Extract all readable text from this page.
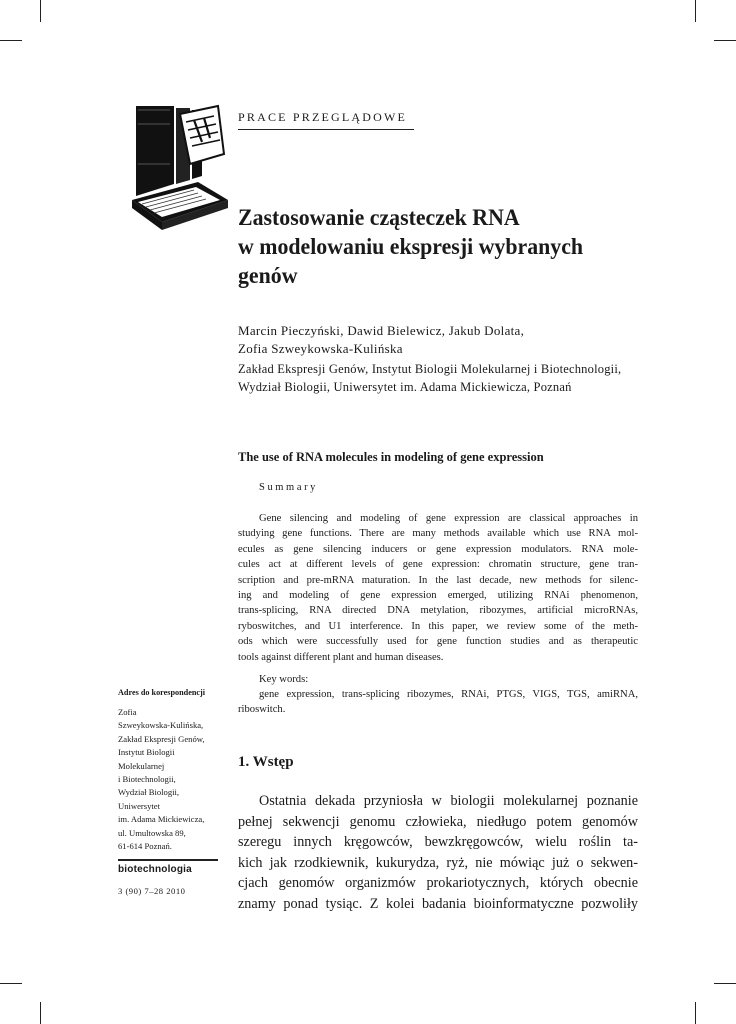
PRACE PRZEGLĄDOWE
Zastosowanie cząsteczek RNA
w modelowaniu ekspresji wybranych
genów
Marcin Pieczyński, Dawid Bielewicz, Jakub Dolata,
Zofia Szweykowska-Kulińska
Zakład Ekspresji Genów, Instytut Biologii Molekularnej i Biotechnologii,
Wydział Biologii, Uniwersytet im. Adama Mickiewicza, Poznań
The use of RNA molecules in modeling of gene expression
Summary
Gene silencing and modeling of gene expression are classical approaches in
studying gene functions. There are many methods available which use RNA mol-
ecules as gene silencing inducers or gene expression modulators. RNA mole-
cules act at different levels of gene expression: chromatin structure, gene tran-
scription and pre-mRNA maturation. In the last decade, new methods for silenc-
ing and modeling of gene expression emerged, utilizing RNAi phenomenon,
trans-splicing, RNA directed DNA metylation, ribozymes, artificial microRNAs,
ryboswitches, and U1 interference. In this paper, we review some of the meth-
ods which were successfully used for gene function studies and as therapeutic
tools against different plant and human diseases.
Key words:
gene expression, trans-splicing ribozymes, RNAi, PTGS, VIGS, TGS, amiRNA,
riboswitch.
Adres do korespondencji
Zofia
Szweykowska-Kulińska,
Zakład Ekspresji Genów,
Instytut Biologii
Molekularnej
i Biotechnologii,
Wydział Biologii,
Uniwersytet
im. Adama Mickiewicza,
ul. Umultowska 89,
61-614 Poznań.
biotechnologia
3 (90) 7–28 2010
1. Wstęp
Ostatnia dekada przyniosła w biologii molekularnej poznanie
pełnej sekwencji genomu człowieka, niedługo potem genomów
szeregu innych kręgowców, bewzkręgowców, wielu roślin ta-
kich jak rzodkiewnik, kukurydza, ryż, nie mówiąc już o sekwen-
cjach genomów organizmów prokariotycznych, których obecnie
znamy ponad tysiąc. Z kolei badania bioinformatyczne pozwoliły
